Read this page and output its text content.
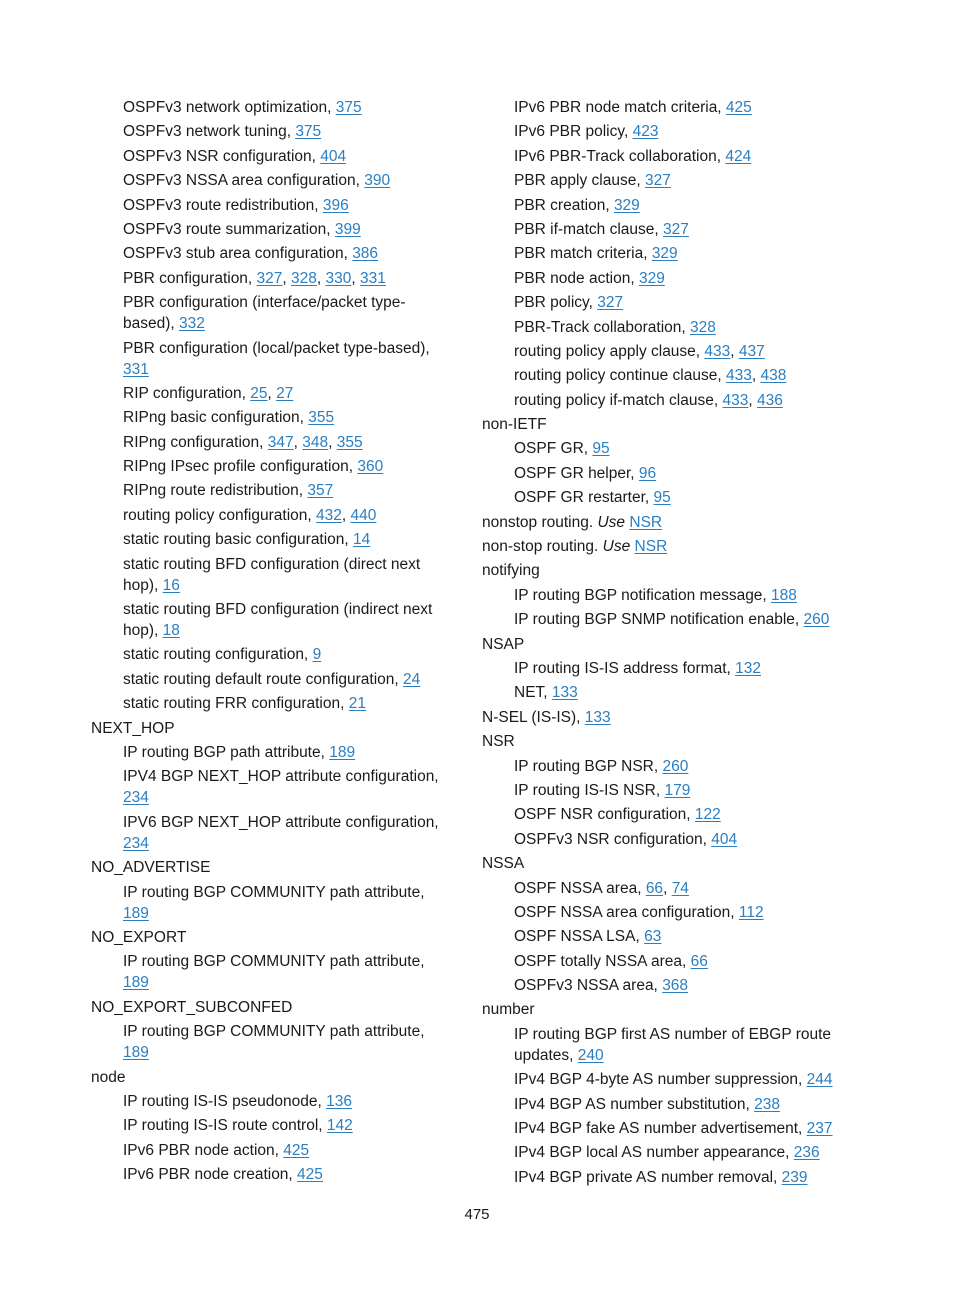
OSPFv3 network optimization, 375
OSPFv3 network tuning, 375
OSPFv3 NSR configuration, 404
OSPFv3 NSSA area configuration, 390
OSPFv3 route redistribution, 396
OSPFv3 route summarization, 399
OSPFv3 stub area configuration, 386
PBR configuration, 327, 328, 330, 331
PBR configuration (interface/packet type-based), 332
PBR configuration (local/packet type-based), 331
RIP configuration, 25, 27
RIPng basic configuration, 355
RIPng configuration, 347, 348, 355
RIPng IPsec profile configuration, 360
RIPng route redistribution, 357
routing policy configuration, 432, 440
static routing basic configuration, 14
static routing BFD configuration (direct next hop), 16
static routing BFD configuration (indirect next hop), 18
static routing configuration, 9
static routing default route configuration, 24
static routing FRR configuration, 21
NEXT_HOP
IP routing BGP path attribute, 189
IPV4 BGP NEXT_HOP attribute configuration, 234
IPV6 BGP NEXT_HOP attribute configuration, 234
NO_ADVERTISE
IP routing BGP COMMUNITY path attribute, 189
NO_EXPORT
IP routing BGP COMMUNITY path attribute, 189
NO_EXPORT_SUBCONFED
IP routing BGP COMMUNITY path attribute, 189
node
IP routing IS-IS pseudonode, 136
IP routing IS-IS route control, 142
IPv6 PBR node action, 425
IPv6 PBR node creation, 425
IPv6 PBR node match criteria, 425
IPv6 PBR policy, 423
IPv6 PBR-Track collaboration, 424
PBR apply clause, 327
PBR creation, 329
PBR if-match clause, 327
PBR match criteria, 329
PBR node action, 329
PBR policy, 327
PBR-Track collaboration, 328
routing policy apply clause, 433, 437
routing policy continue clause, 433, 438
routing policy if-match clause, 433, 436
non-IETF
OSPF GR, 95
OSPF GR helper, 96
OSPF GR restarter, 95
nonstop routing. Use NSR
non-stop routing. Use NSR
notifying
IP routing BGP notification message, 188
IP routing BGP SNMP notification enable, 260
NSAP
IP routing IS-IS address format, 132
NET, 133
N-SEL (IS-IS), 133
NSR
IP routing BGP NSR, 260
IP routing IS-IS NSR, 179
OSPF NSR configuration, 122
OSPFv3 NSR configuration, 404
NSSA
OSPF NSSA area, 66, 74
OSPF NSSA area configuration, 112
OSPF NSSA LSA, 63
OSPF totally NSSA area, 66
OSPFv3 NSSA area, 368
number
IP routing BGP first AS number of EBGP route updates, 240
IPv4 BGP 4-byte AS number suppression, 244
IPv4 BGP AS number substitution, 238
IPv4 BGP fake AS number advertisement, 237
IPv4 BGP local AS number appearance, 236
IPv4 BGP private AS number removal, 239
475
